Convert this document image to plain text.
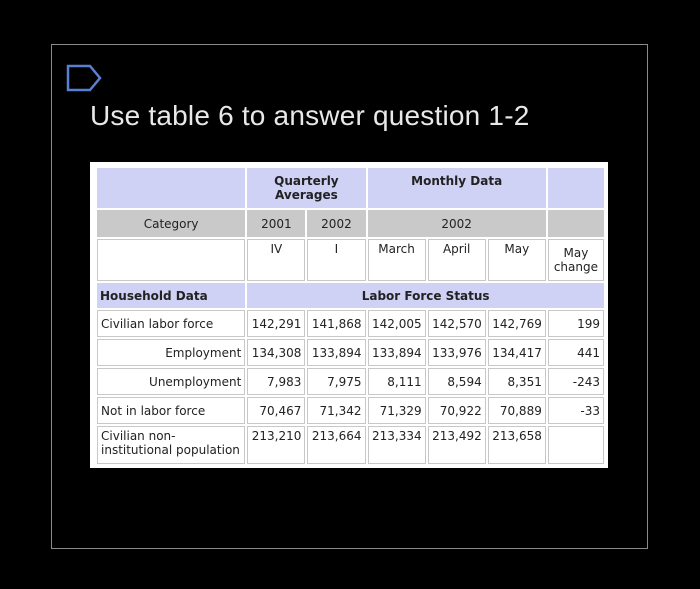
Use table 6 to answer question 1-2
	Quarterly
Averages		Monthly Data			
Category	2001	2002	2002			
	IV	I	March	April	May	May
change
Household Data	Labor Force Status					
Civilian labor force	142,291	141,868	142,005	142,570	142,769	199
Employment	134,308	133,894	133,894	133,976	134,417	441
Unemployment	7,983	7,975	8,111	8,594	8,351	-243
Not in labor force	70,467	71,342	71,329	70,922	70,889	-33
Civilian non-
institutional population	213,210	213,664	213,334	213,492	213,658	
